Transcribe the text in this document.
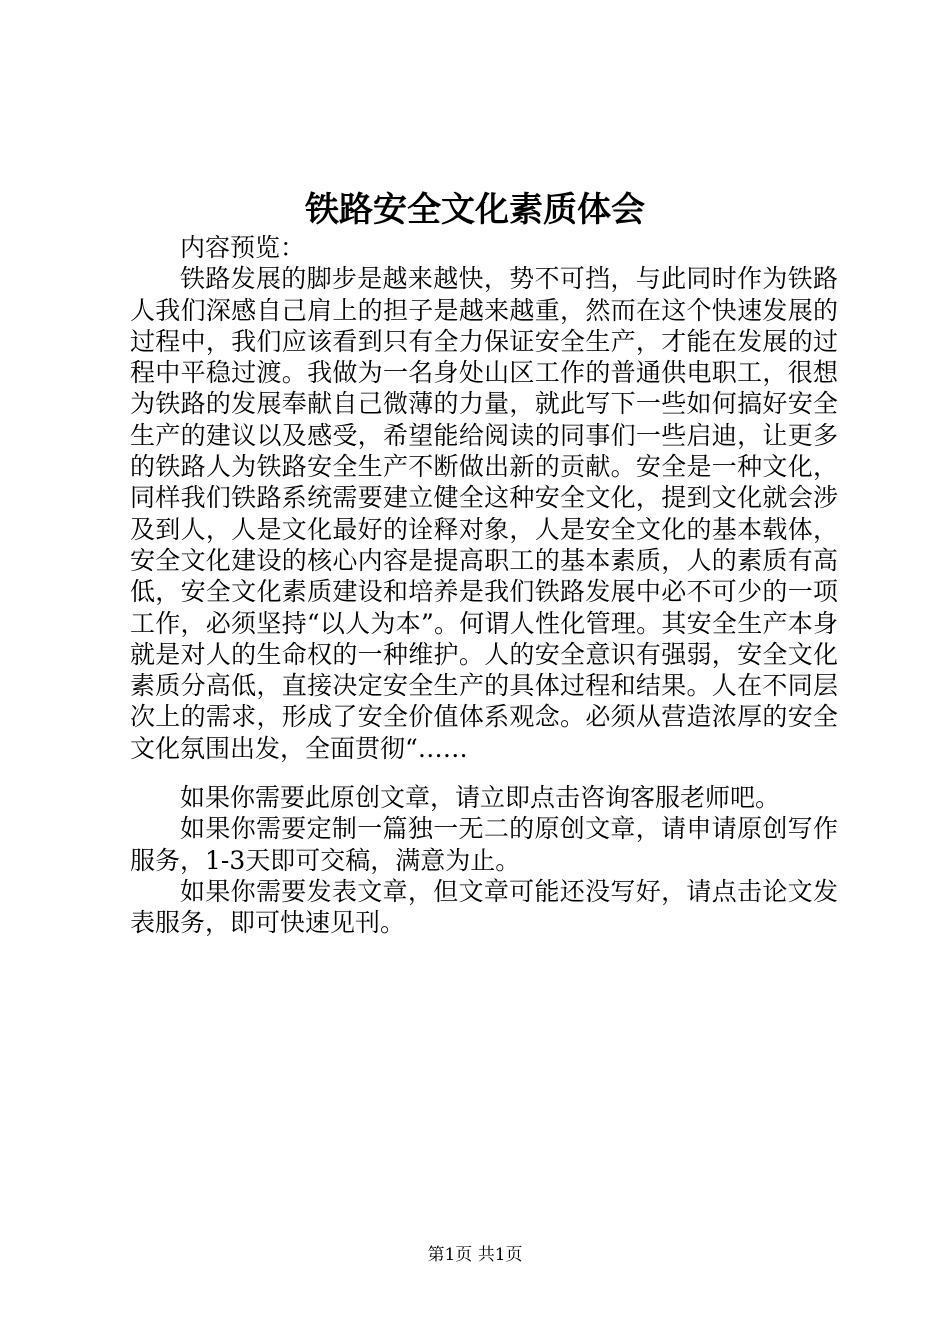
铁路安全文化素质体会

内容预览：

铁路发展的脚步是越来越快，势不可挡，与此同时作为铁路人我们深感自己肩上的担子是越来越重，然而在这个快速发展的过程中，我们应该看到只有全力保证安全生产，才能在发展的过程中平稳过渡。我做为一名身处山区工作的普通供电职工，很想为铁路的发展奉献自己微薄的力量，就此写下一些如何搞好安全生产的建议以及感受，希望能给阅读的同事们一些启迪，让更多的铁路人为铁路安全生产不断做出新的贡献。安全是一种文化，同样我们铁路系统需要建立健全这种安全文化，提到文化就会涉及到人，人是文化最好的诠释对象，人是安全文化的基本载体，安全文化建设的核心内容是提高职工的基本素质，人的素质有高低，安全文化素质建设和培养是我们铁路发展中必不可少的一项工作，必须坚持“以人为本”。何谓人性化管理。其安全生产本身就是对人的生命权的一种维护。人的安全意识有强弱，安全文化素质分高低，直接决定安全生产的具体过程和结果。人在不同层次上的需求，形成了安全价值体系观念。必须从营造浓厚的安全文化氛围出发，全面贯彻“……

如果你需要此原创文章，请立即点击咨询客服老师吧。

如果你需要定制一篇独一无二的原创文章，请申请原创写作服务，1-3天即可交稿，满意为止。

如果你需要发表文章，但文章可能还没写好，请点击论文发表服务，即可快速见刊。

第1页 共1页
